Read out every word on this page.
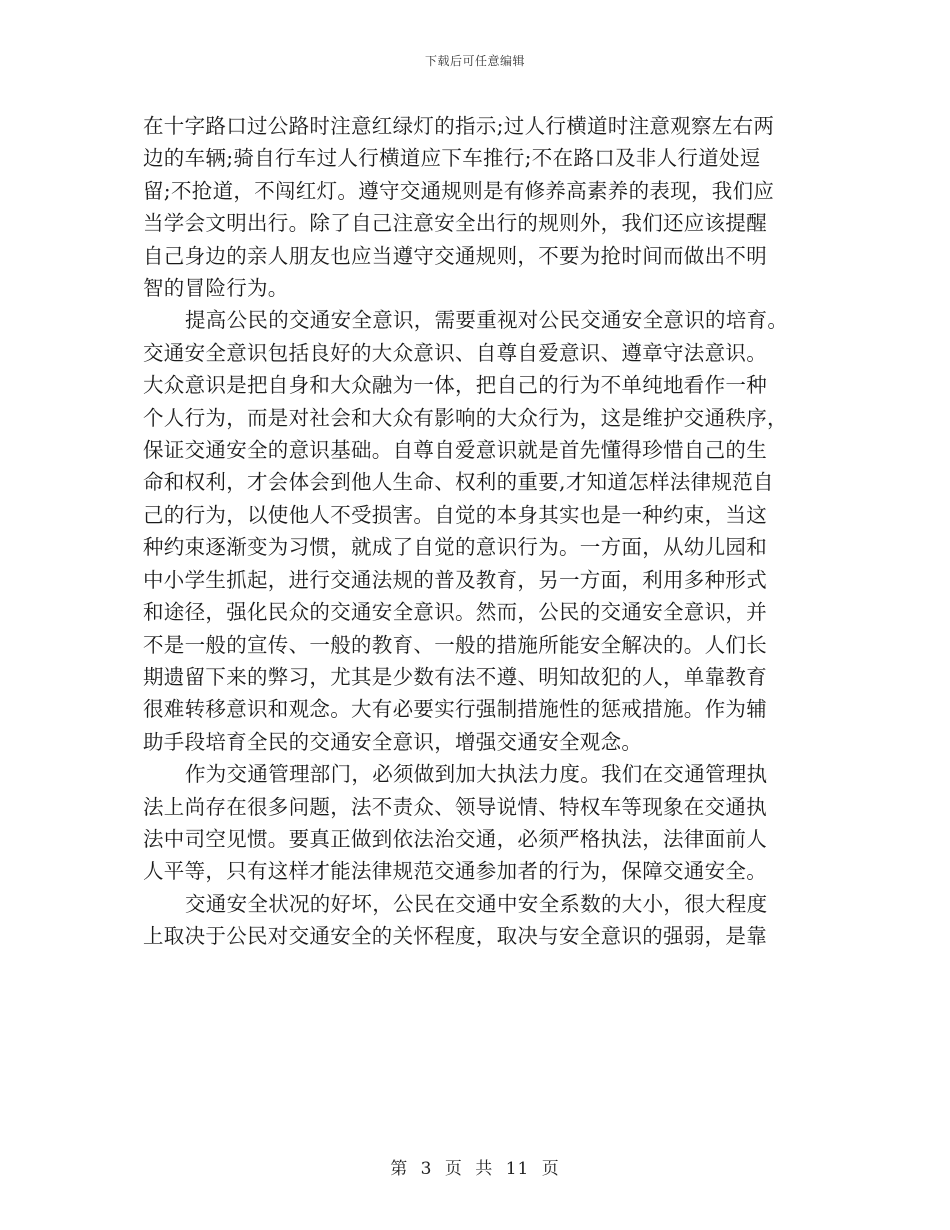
下载后可任意编辑
在十字路口过公路时注意红绿灯的指示;过人行横道时注意观察左右两
边的车辆;骑自行车过人行横道应下车推行;不在路口及非人行道处逗
留;不抢道，不闯红灯。遵守交通规则是有修养高素养的表现，我们应
当学会文明出行。除了自己注意安全出行的规则外，我们还应该提醒
自己身边的亲人朋友也应当遵守交通规则，不要为抢时间而做出不明
智的冒险行为。
提高公民的交通安全意识，需要重视对公民交通安全意识的培育。
交通安全意识包括良好的大众意识、自尊自爱意识、遵章守法意识。
大众意识是把自身和大众融为一体，把自己的行为不单纯地看作一种
个人行为，而是对社会和大众有影响的大众行为，这是维护交通秩序，
保证交通安全的意识基础。自尊自爱意识就是首先懂得珍惜自己的生
命和权利，才会体会到他人生命、权利的重要,才知道怎样法律规范自
己的行为，以使他人不受损害。自觉的本身其实也是一种约束，当这
种约束逐渐变为习惯，就成了自觉的意识行为。一方面，从幼儿园和
中小学生抓起，进行交通法规的普及教育，另一方面，利用多种形式
和途径，强化民众的交通安全意识。然而，公民的交通安全意识，并
不是一般的宣传、一般的教育、一般的措施所能安全解决的。人们长
期遗留下来的弊习，尤其是少数有法不遵、明知故犯的人，单靠教育
很难转移意识和观念。大有必要实行强制措施性的惩戒措施。作为辅
助手段培育全民的交通安全意识，增强交通安全观念。
作为交通管理部门，必须做到加大执法力度。我们在交通管理执
法上尚存在很多问题，法不责众、领导说情、特权车等现象在交通执
法中司空见惯。要真正做到依法治交通，必须严格执法，法律面前人
人平等，只有这样才能法律规范交通参加者的行为，保障交通安全。
交通安全状况的好坏，公民在交通中安全系数的大小，很大程度
上取决于公民对交通安全的关怀程度，取决与安全意识的强弱，是靠
第 3 页 共 11 页
